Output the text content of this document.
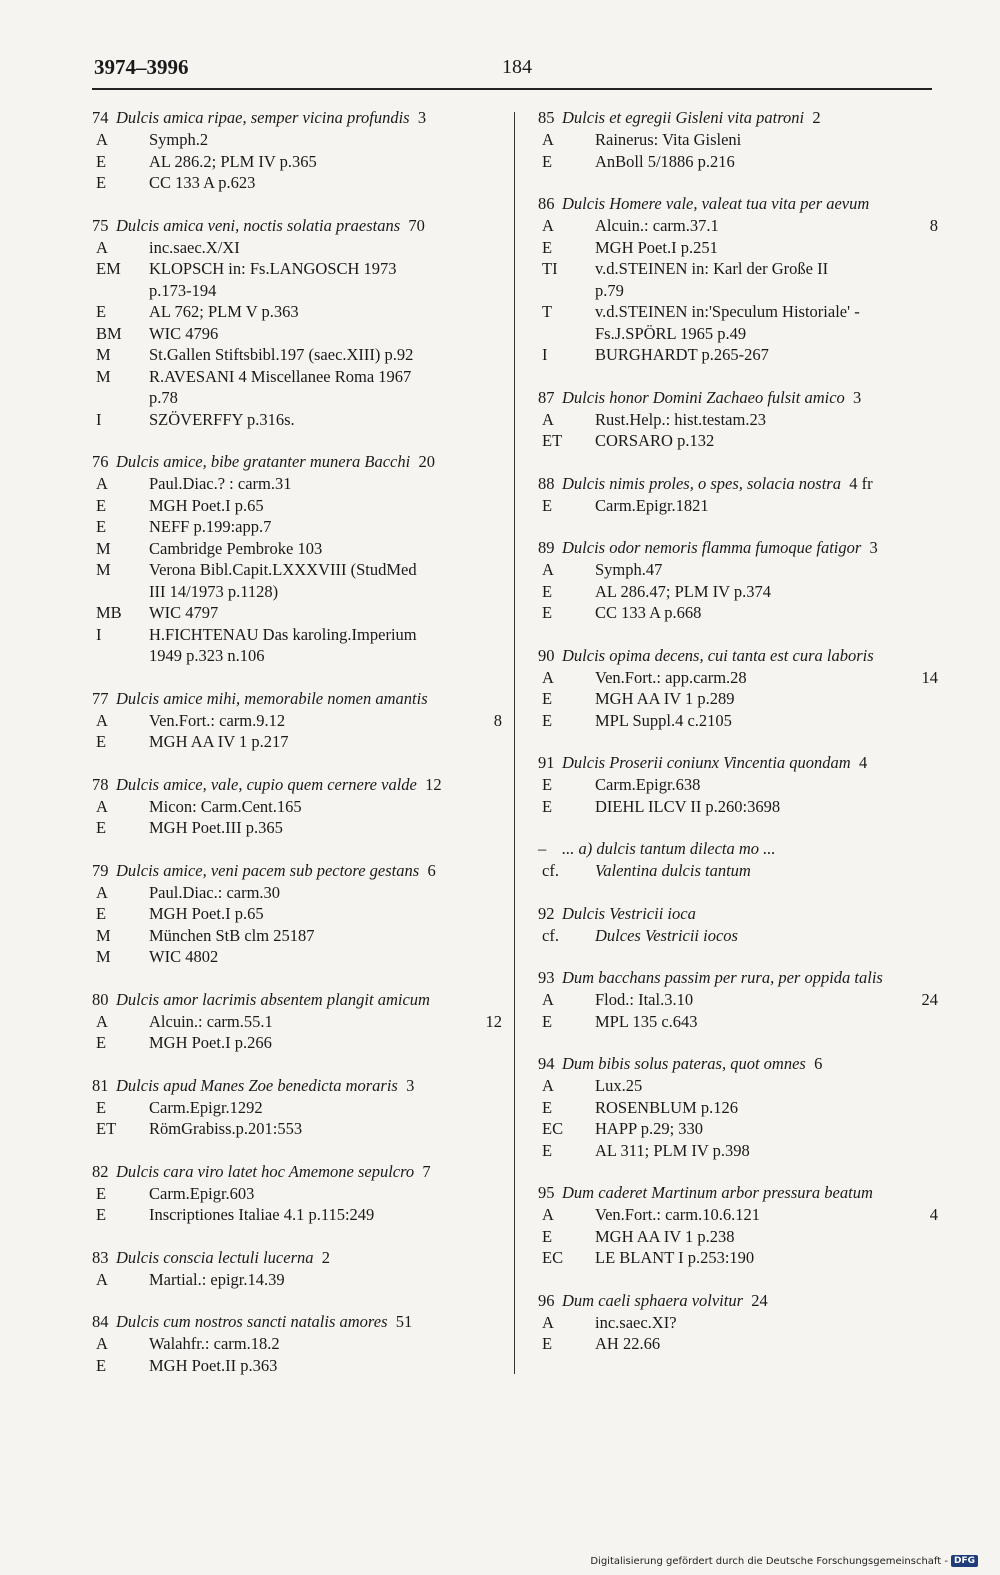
3974–3996	184
74 Dulcis amica ripae, semper vicina profundis  3
A	Symph.2
E	AL 286.2; PLM IV p.365
E	CC 133 A p.623
75 Dulcis amica veni, noctis solatia praestans  70
A	inc.saec.X/XI
EM	KLOPSCH in: Fs.LANGOSCH 1973
p.173-194
E	AL 762; PLM V p.363
BM	WIC 4796
M	St.Gallen Stiftsbibl.197 (saec.XIII) p.92
M	R.AVESANI 4 Miscellanee Roma 1967
p.78
I	SZÖVERFFY p.316s.
76 Dulcis amice, bibe gratanter munera Bacchi  20
A	Paul.Diac.? : carm.31
E	MGH Poet.I p.65
E	NEFF p.199:app.7
M	Cambridge Pembroke 103
M	Verona Bibl.Capit.LXXXVIII (StudMed
III 14/1973 p.1128)
MB	WIC 4797
I	H.FICHTENAU Das karoling.Imperium
1949 p.323 n.106
77 Dulcis amice mihi, memorabile nomen amantis
A	Ven.Fort.: carm.9.12	8
E	MGH AA IV 1 p.217
78 Dulcis amice, vale, cupio quem cernere valde  12
A	Micon: Carm.Cent.165
E	MGH Poet.III p.365
79 Dulcis amice, veni pacem sub pectore gestans  6
A	Paul.Diac.: carm.30
E	MGH Poet.I p.65
M	München StB clm 25187
M	WIC 4802
80 Dulcis amor lacrimis absentem plangit amicum
A	Alcuin.: carm.55.1	12
E	MGH Poet.I p.266
81 Dulcis apud Manes Zoe benedicta moraris  3
E	Carm.Epigr.1292
ET	RömGrabiss.p.201:553
82 Dulcis cara viro latet hoc Amemone sepulcro  7
E	Carm.Epigr.603
E	Inscriptiones Italiae 4.1 p.115:249
83 Dulcis conscia lectuli lucerna  2
A	Martial.: epigr.14.39
84 Dulcis cum nostros sancti natalis amores  51
A	Walahfr.: carm.18.2
E	MGH Poet.II p.363
85 Dulcis et egregii Gisleni vita patroni  2
A	Rainerus: Vita Gisleni
E	AnBoll 5/1886 p.216
86 Dulcis Homere vale, valeat tua vita per aevum
A	Alcuin.: carm.37.1	8
E	MGH Poet.I p.251
TI	v.d.STEINEN in: Karl der Große II
p.79
T	v.d.STEINEN in:'Speculum Historiale' -
Fs.J.SPÖRL 1965 p.49
I	BURGHARDT p.265-267
87 Dulcis honor Domini Zachaeo fulsit amico  3
A	Rust.Help.: hist.testam.23
ET	CORSARO p.132
88 Dulcis nimis proles, o spes, solacia nostra  4 fr
E	Carm.Epigr.1821
89 Dulcis odor nemoris flamma fumoque fatigor  3
A	Symph.47
E	AL 286.47; PLM IV p.374
E	CC 133 A p.668
90 Dulcis opima decens, cui tanta est cura laboris
A	Ven.Fort.: app.carm.28	14
E	MGH AA IV 1 p.289
E	MPL Suppl.4 c.2105
91 Dulcis Proserii coniunx Vincentia quondam  4
E	Carm.Epigr.638
E	DIEHL ILCV II p.260:3698
– ... a) dulcis tantum dilecta mo ...
cf.	Valentina dulcis tantum
92 Dulcis Vestricii ioca
cf.	Dulces Vestricii iocos
93 Dum bacchans passim per rura, per oppida talis
A	Flod.: Ital.3.10	24
E	MPL 135 c.643
94 Dum bibis solus pateras, quot omnes  6
A	Lux.25
E	ROSENBLUM p.126
EC	HAPP p.29; 330
E	AL 311; PLM IV p.398
95 Dum caderet Martinum arbor pressura beatum
A	Ven.Fort.: carm.10.6.121	4
E	MGH AA IV 1 p.238
EC	LE BLANT I p.253:190
96 Dum caeli sphaera volvitur  24
A	inc.saec.XI?
E	AH 22.66
Digitalisierung gefördert durch die Deutsche Forschungsgemeinschaft - DFG
